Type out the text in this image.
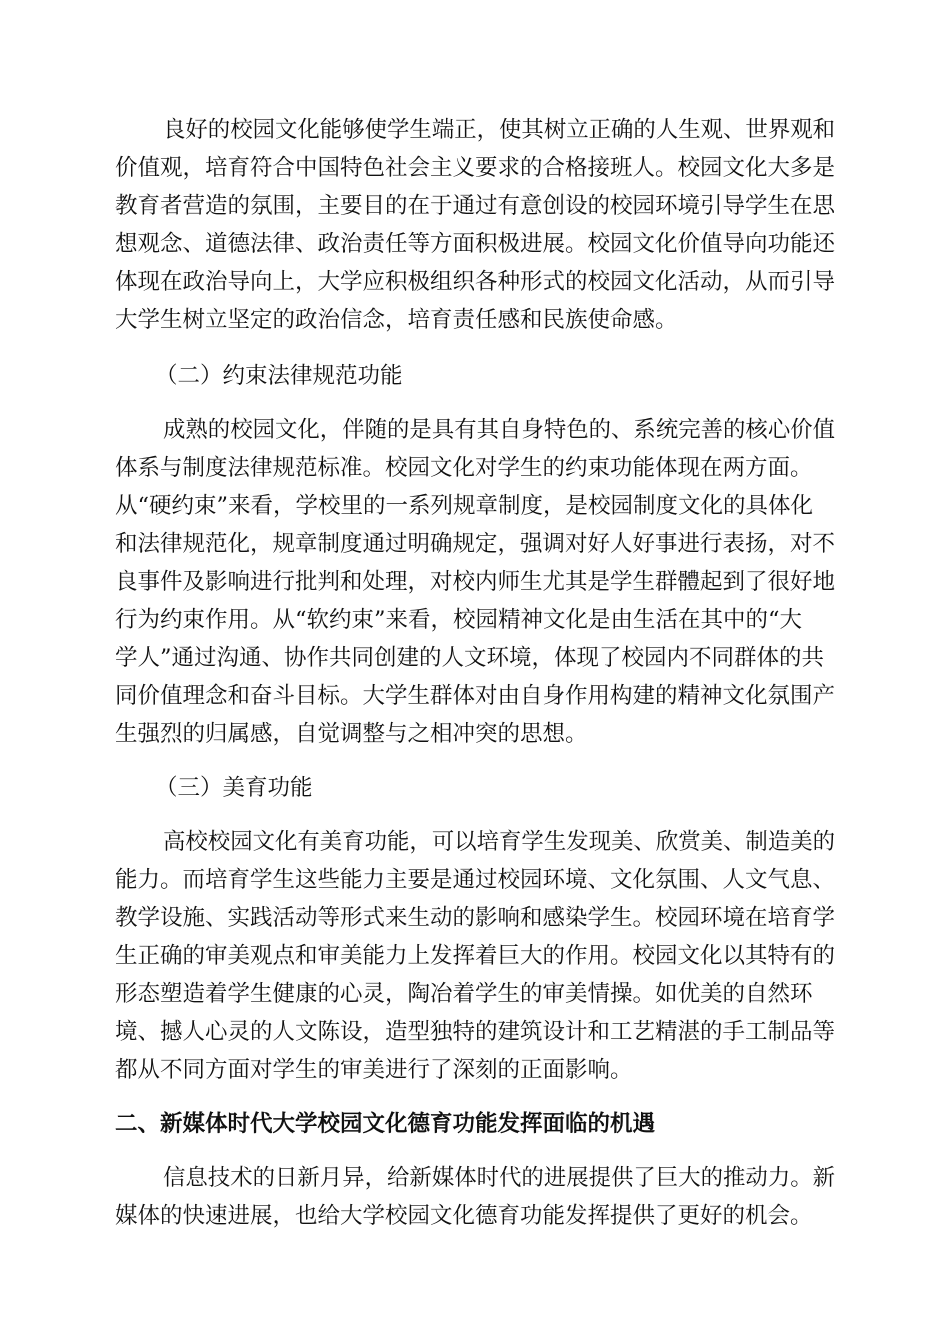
良好的校园文化能够使学生端正，使其树立正确的人生观、世界观和
价值观，培育符合中国特色社会主义要求的合格接班人。校园文化大多是
教育者营造的氛围，主要目的在于通过有意创设的校园环境引导学生在思
想观念、道德法律、政治责任等方面积极进展。校园文化价值导向功能还
体现在政治导向上，大学应积极组织各种形式的校园文化活动，从而引导
大学生树立坚定的政治信念，培育责任感和民族使命感。
（二）约束法律规范功能
成熟的校园文化，伴随的是具有其自身特色的、系统完善的核心价值
体系与制度法律规范标准。校园文化对学生的约束功能体现在两方面。
从“硬约束”来看，学校里的一系列规章制度，是校园制度文化的具体化
和法律规范化，规章制度通过明确规定，强调对好人好事进行表扬，对不
良事件及影响进行批判和处理，对校内师生尤其是学生群體起到了很好地
行为约束作用。从“软约束”来看，校园精神文化是由生活在其中的“大
学人”通过沟通、协作共同创建的人文环境，体现了校园内不同群体的共
同价值理念和奋斗目标。大学生群体对由自身作用构建的精神文化氛围产
生强烈的归属感，自觉调整与之相冲突的思想。
（三）美育功能
高校校园文化有美育功能，可以培育学生发现美、欣赏美、制造美的
能力。而培育学生这些能力主要是通过校园环境、文化氛围、人文气息、
教学设施、实践活动等形式来生动的影响和感染学生。校园环境在培育学
生正确的审美观点和审美能力上发挥着巨大的作用。校园文化以其特有的
形态塑造着学生健康的心灵，陶冶着学生的审美情操。如优美的自然环
境、撼人心灵的人文陈设，造型独特的建筑设计和工艺精湛的手工制品等
都从不同方面对学生的审美进行了深刻的正面影响。
二、新媒体时代大学校园文化德育功能发挥面临的机遇
信息技术的日新月异，给新媒体时代的进展提供了巨大的推动力。新
媒体的快速进展，也给大学校园文化德育功能发挥提供了更好的机会。
